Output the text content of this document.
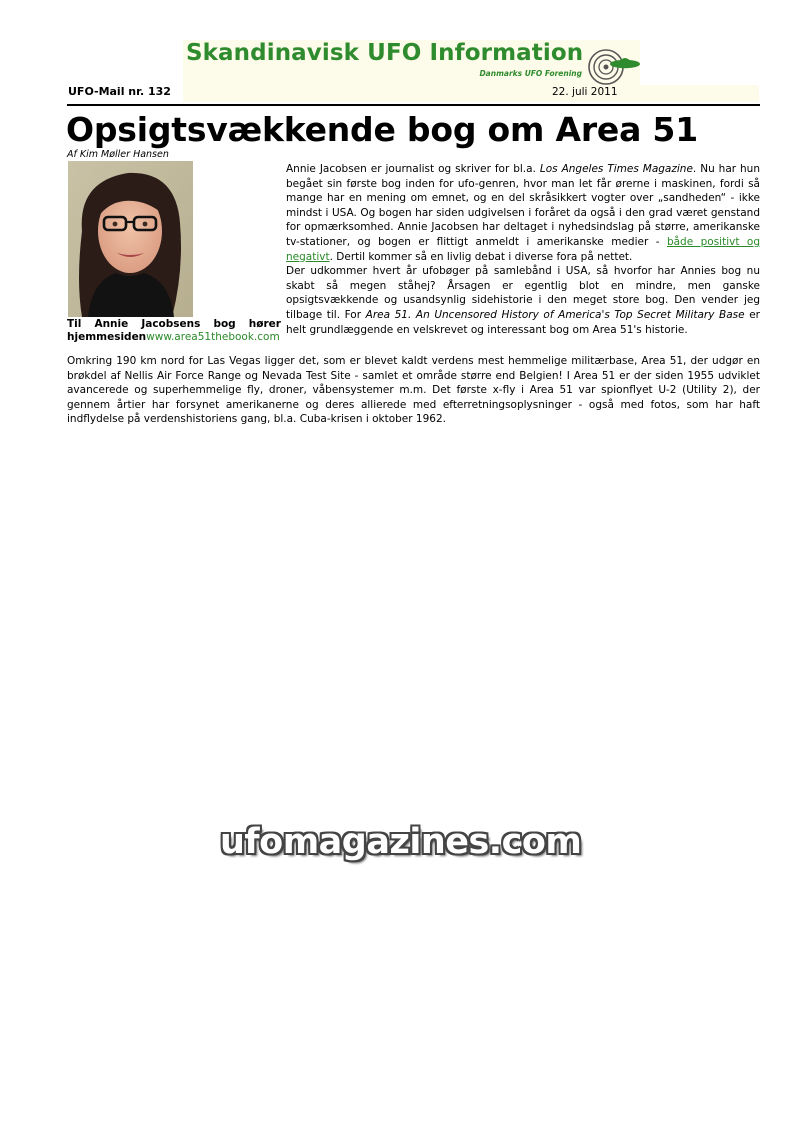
Skandinavisk UFO Information
Danmarks UFO Forening
UFO-Mail nr. 132	22. juli 2011
Opsigtsvækkende bog om Area 51
Af Kim Møller Hansen
Til Annie Jacobsens bog hører
hjemmesidenwww.area51thebook.com

Annie Jacobsen er journalist og skriver for bl.a. Los Angeles Times Magazine. Nu har hun begået sin første bog inden for ufo-genren, hvor man let får ørerne i maskinen, fordi så mange har en mening om emnet, og en del skråsikkert vogter over „sandheden“ - ikke mindst i USA. Og bogen har siden udgivelsen i foråret da også i den grad været genstand for opmærksomhed. Annie Jacobsen har deltaget i nyhedsindslag på større, amerikanske tv-stationer, og bogen er flittigt anmeldt i amerikanske medier - både positivt og negativt. Dertil kommer så en livlig debat i diverse fora på nettet.

Der udkommer hvert år ufobøger på samlebånd i USA, så hvorfor har Annies bog nu skabt så megen ståhej? Årsagen er egentlig blot en mindre, men ganske opsigtsvækkende og usandsynlig sidehistorie i den meget store bog. Den vender jeg tilbage til. For Area 51. An Uncensored History of America's Top Secret Military Base er helt grundlæggende en velskrevet og interessant bog om Area 51's historie.

Omkring 190 km nord for Las Vegas ligger det, som er blevet kaldt verdens mest hemmelige militærbase, Area 51, der udgør en brøkdel af Nellis Air Force Range og Nevada Test Site - samlet et område større end Belgien! I Area 51 er der siden 1955 udviklet avancerede og superhemmelige fly, droner, våbensystemer m.m. Det første x-fly i Area 51 var spionflyet U-2 (Utility 2), der gennem årtier har forsynet amerikanerne og deres allierede med efterretningsoplysninger - også med fotos, som har haft indflydelse på verdenshistoriens gang, bl.a. Cuba-krisen i oktober 1962.

ufomagazines.com
